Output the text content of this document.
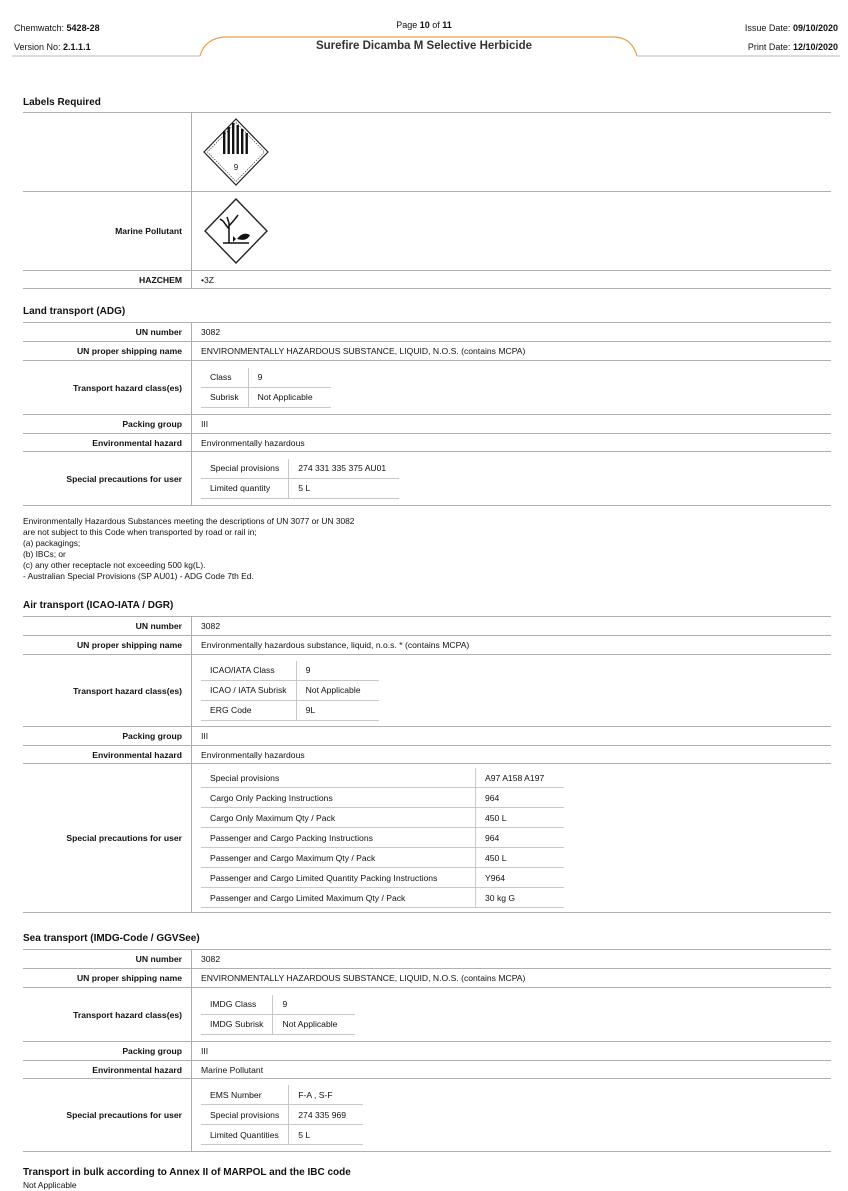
Chemwatch: 5428-28
Version No: 2.1.1.1
Page 10 of 11
Surefire Dicamba M Selective Herbicide
Issue Date: 09/10/2020
Print Date: 12/10/2020
Labels Required

9

Marine Pollutant	

HAZCHEM	•3Z
Land transport (ADG)
UN number	3082
UN proper shipping name	ENVIRONMENTALLY HAZARDOUS SUBSTANCE, LIQUID, N.O.S. (contains MCPA)
Transport hazard class(es)	
Class	9
Subrisk	Not Applicable

Packing group	III
Environmental hazard	Environmentally hazardous
Special precautions for user	
Special provisions	274 331 335 375 AU01
Limited quantity	5 L
Environmentally Hazardous Substances meeting the descriptions of UN 3077 or UN 3082
are not subject to this Code when transported by road or rail in;
(a) packagings;
(b) IBCs; or
(c) any other receptacle not exceeding 500 kg(L).
- Australian Special Provisions (SP AU01) - ADG Code 7th Ed.
Air transport (ICAO-IATA / DGR)
UN number	3082
UN proper shipping name	Environmentally hazardous substance, liquid, n.o.s. * (contains MCPA)
Transport hazard class(es)	
ICAO/IATA Class	9
ICAO / IATA Subrisk	Not Applicable
ERG Code	9L

Packing group	III
Environmental hazard	Environmentally hazardous
Special precautions for user	
Special provisions	A97 A158 A197
Cargo Only Packing Instructions	964
Cargo Only Maximum Qty / Pack	450 L
Passenger and Cargo Packing Instructions	964
Passenger and Cargo Maximum Qty / Pack	450 L
Passenger and Cargo Limited Quantity Packing Instructions	Y964
Passenger and Cargo Limited Maximum Qty / Pack	30 kg G
Sea transport (IMDG-Code / GGVSee)
UN number	3082
UN proper shipping name	ENVIRONMENTALLY HAZARDOUS SUBSTANCE, LIQUID, N.O.S. (contains MCPA)
Transport hazard class(es)	
IMDG Class	9
IMDG Subrisk	Not Applicable

Packing group	III
Environmental hazard	Marine Pollutant
Special precautions for user	
EMS Number	F-A , S-F
Special provisions	274 335 969
Limited Quantities	5 L
Transport in bulk according to Annex II of MARPOL and the IBC code
Not Applicable
